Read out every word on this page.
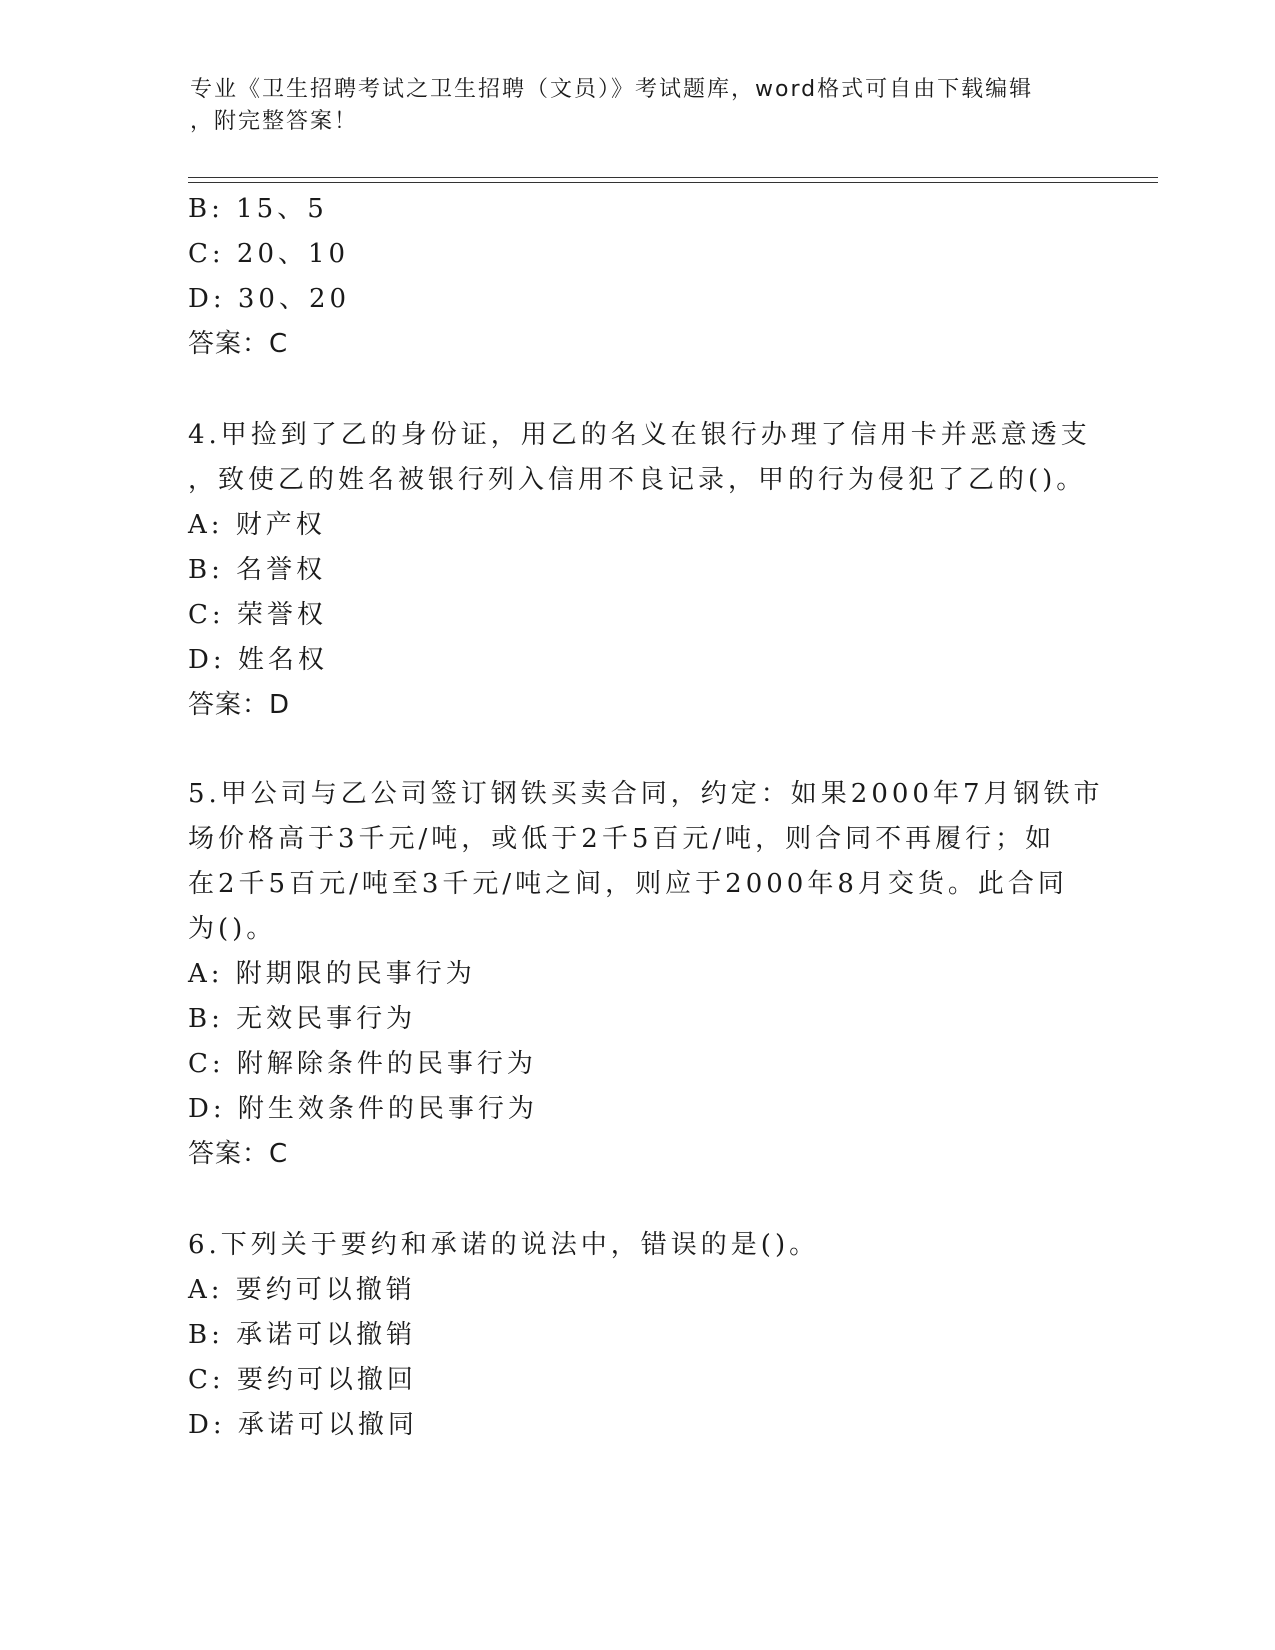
专业《卫生招聘考试之卫生招聘（文员）》考试题库，word格式可自由下载编辑
，附完整答案！
B: 15、5
C: 20、10
D: 30、20
答案：C
4.甲捡到了乙的身份证，用乙的名义在银行办理了信用卡并恶意透支
，致使乙的姓名被银行列入信用不良记录，甲的行为侵犯了乙的()。
A: 财产权
B: 名誉权
C: 荣誉权
D: 姓名权
答案：D
5.甲公司与乙公司签订钢铁买卖合同，约定：如果2000年7月钢铁市
场价格高于3千元/吨，或低于2千5百元/吨，则合同不再履行；如
在2千5百元/吨至3千元/吨之间，则应于2000年8月交货。此合同
为()。
A: 附期限的民事行为
B: 无效民事行为
C: 附解除条件的民事行为
D: 附生效条件的民事行为
答案：C
6.下列关于要约和承诺的说法中，错误的是()。
A: 要约可以撤销
B: 承诺可以撤销
C: 要约可以撤回
D: 承诺可以撤同
